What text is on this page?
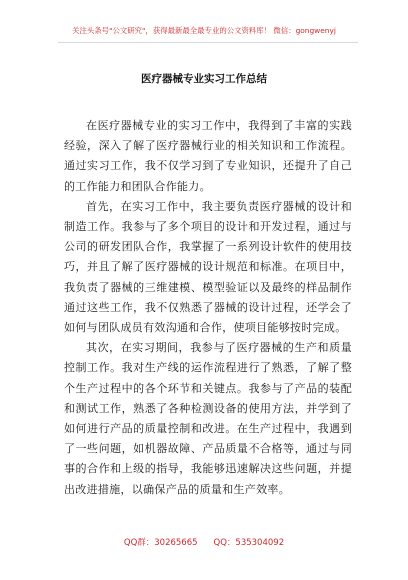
关注头条号"公文研究"，获得最新最全最专业的公文资料库！ 微信：gongwenyj
医疗器械专业实习工作总结

在医疗器械专业的实习工作中，我得到了丰富的实践经验，深入了解了医疗器械行业的相关知识和工作流程。通过实习工作，我不仅学习到了专业知识，还提升了自己的工作能力和团队合作能力。

首先，在实习工作中，我主要负责医疗器械的设计和制造工作。我参与了多个项目的设计和开发过程，通过与公司的研发团队合作，我掌握了一系列设计软件的使用技巧，并且了解了医疗器械的设计规范和标准。在项目中，我负责了器械的三维建模、模型验证以及最终的样品制作通过这些工作，我不仅熟悉了器械的设计过程，还学会了如何与团队成员有效沟通和合作，使项目能够按时完成。

其次，在实习期间，我参与了医疗器械的生产和质量控制工作。我对生产线的运作流程进行了熟悉，了解了整个生产过程中的各个环节和关键点。我参与了产品的装配和测试工作，熟悉了各种检测设备的使用方法，并学到了如何进行产品的质量控制和改进。在生产过程中，我遇到了一些问题，如机器故障、产品质量不合格等，通过与同事的合作和上级的指导，我能够迅速解决这些问题，并提出改进措施，以确保产品的质量和生产效率。

QQ群：30265665 QQ：535304092
